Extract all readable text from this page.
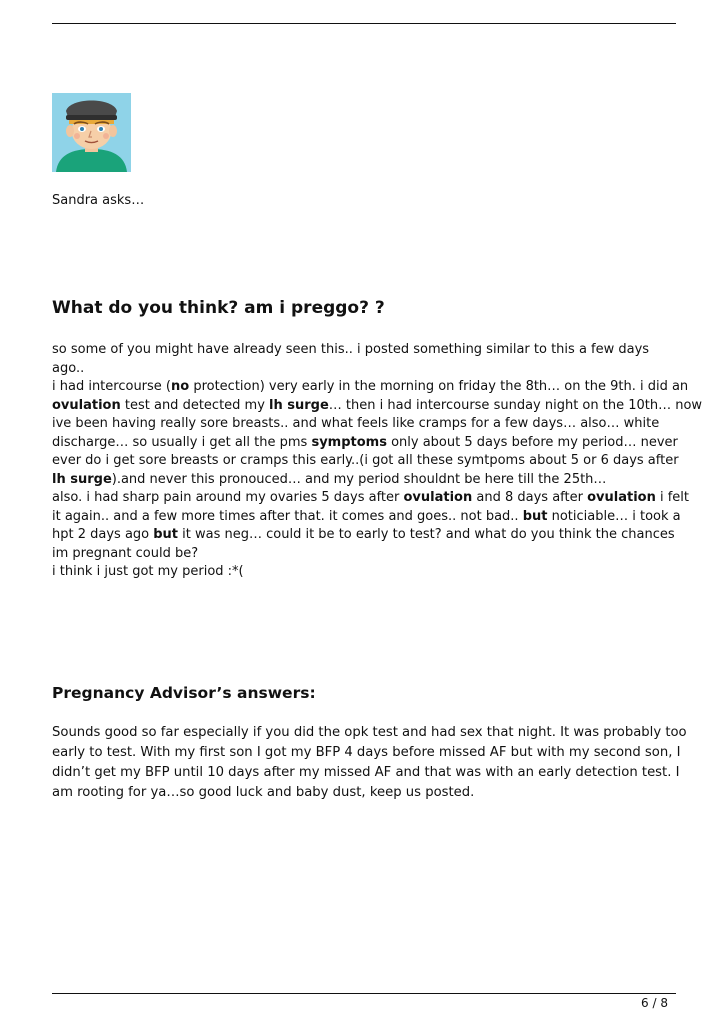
Sandra asks…

What do you think? am i preggo? ?
so some of you might have already seen this.. i posted something similar to this a few days
ago..
i had intercourse (no protection) very early in the morning on friday the 8th… on the 9th. i did an
ovulation test and detected my lh surge… then i had intercourse sunday night on the 10th… now
ive been having really sore breasts.. and what feels like cramps for a few days… also… white
discharge… so usually i get all the pms symptoms only about 5 days before my period… never
ever do i get sore breasts or cramps this early..(i got all these symtpoms about 5 or 6 days after
lh surge).and never this pronouced… and my period shouldnt be here till the 25th…
also. i had sharp pain around my ovaries 5 days after ovulation and 8 days after ovulation i felt
it again.. and a few more times after that. it comes and goes.. not bad.. but noticiable… i took a
hpt 2 days ago but it was neg… could it be to early to test? and what do you think the chances
im pregnant could be?
i think i just got my period :*(
Pregnancy Advisor’s answers:
Sounds good so far especially if you did the opk test and had sex that night. It was probably too
early to test. With my first son I got my BFP 4 days before missed AF but with my second son, I
didn’t get my BFP until 10 days after my missed AF and that was with an early detection test. I
am rooting for ya…so good luck and baby dust, keep us posted.
6 / 8
